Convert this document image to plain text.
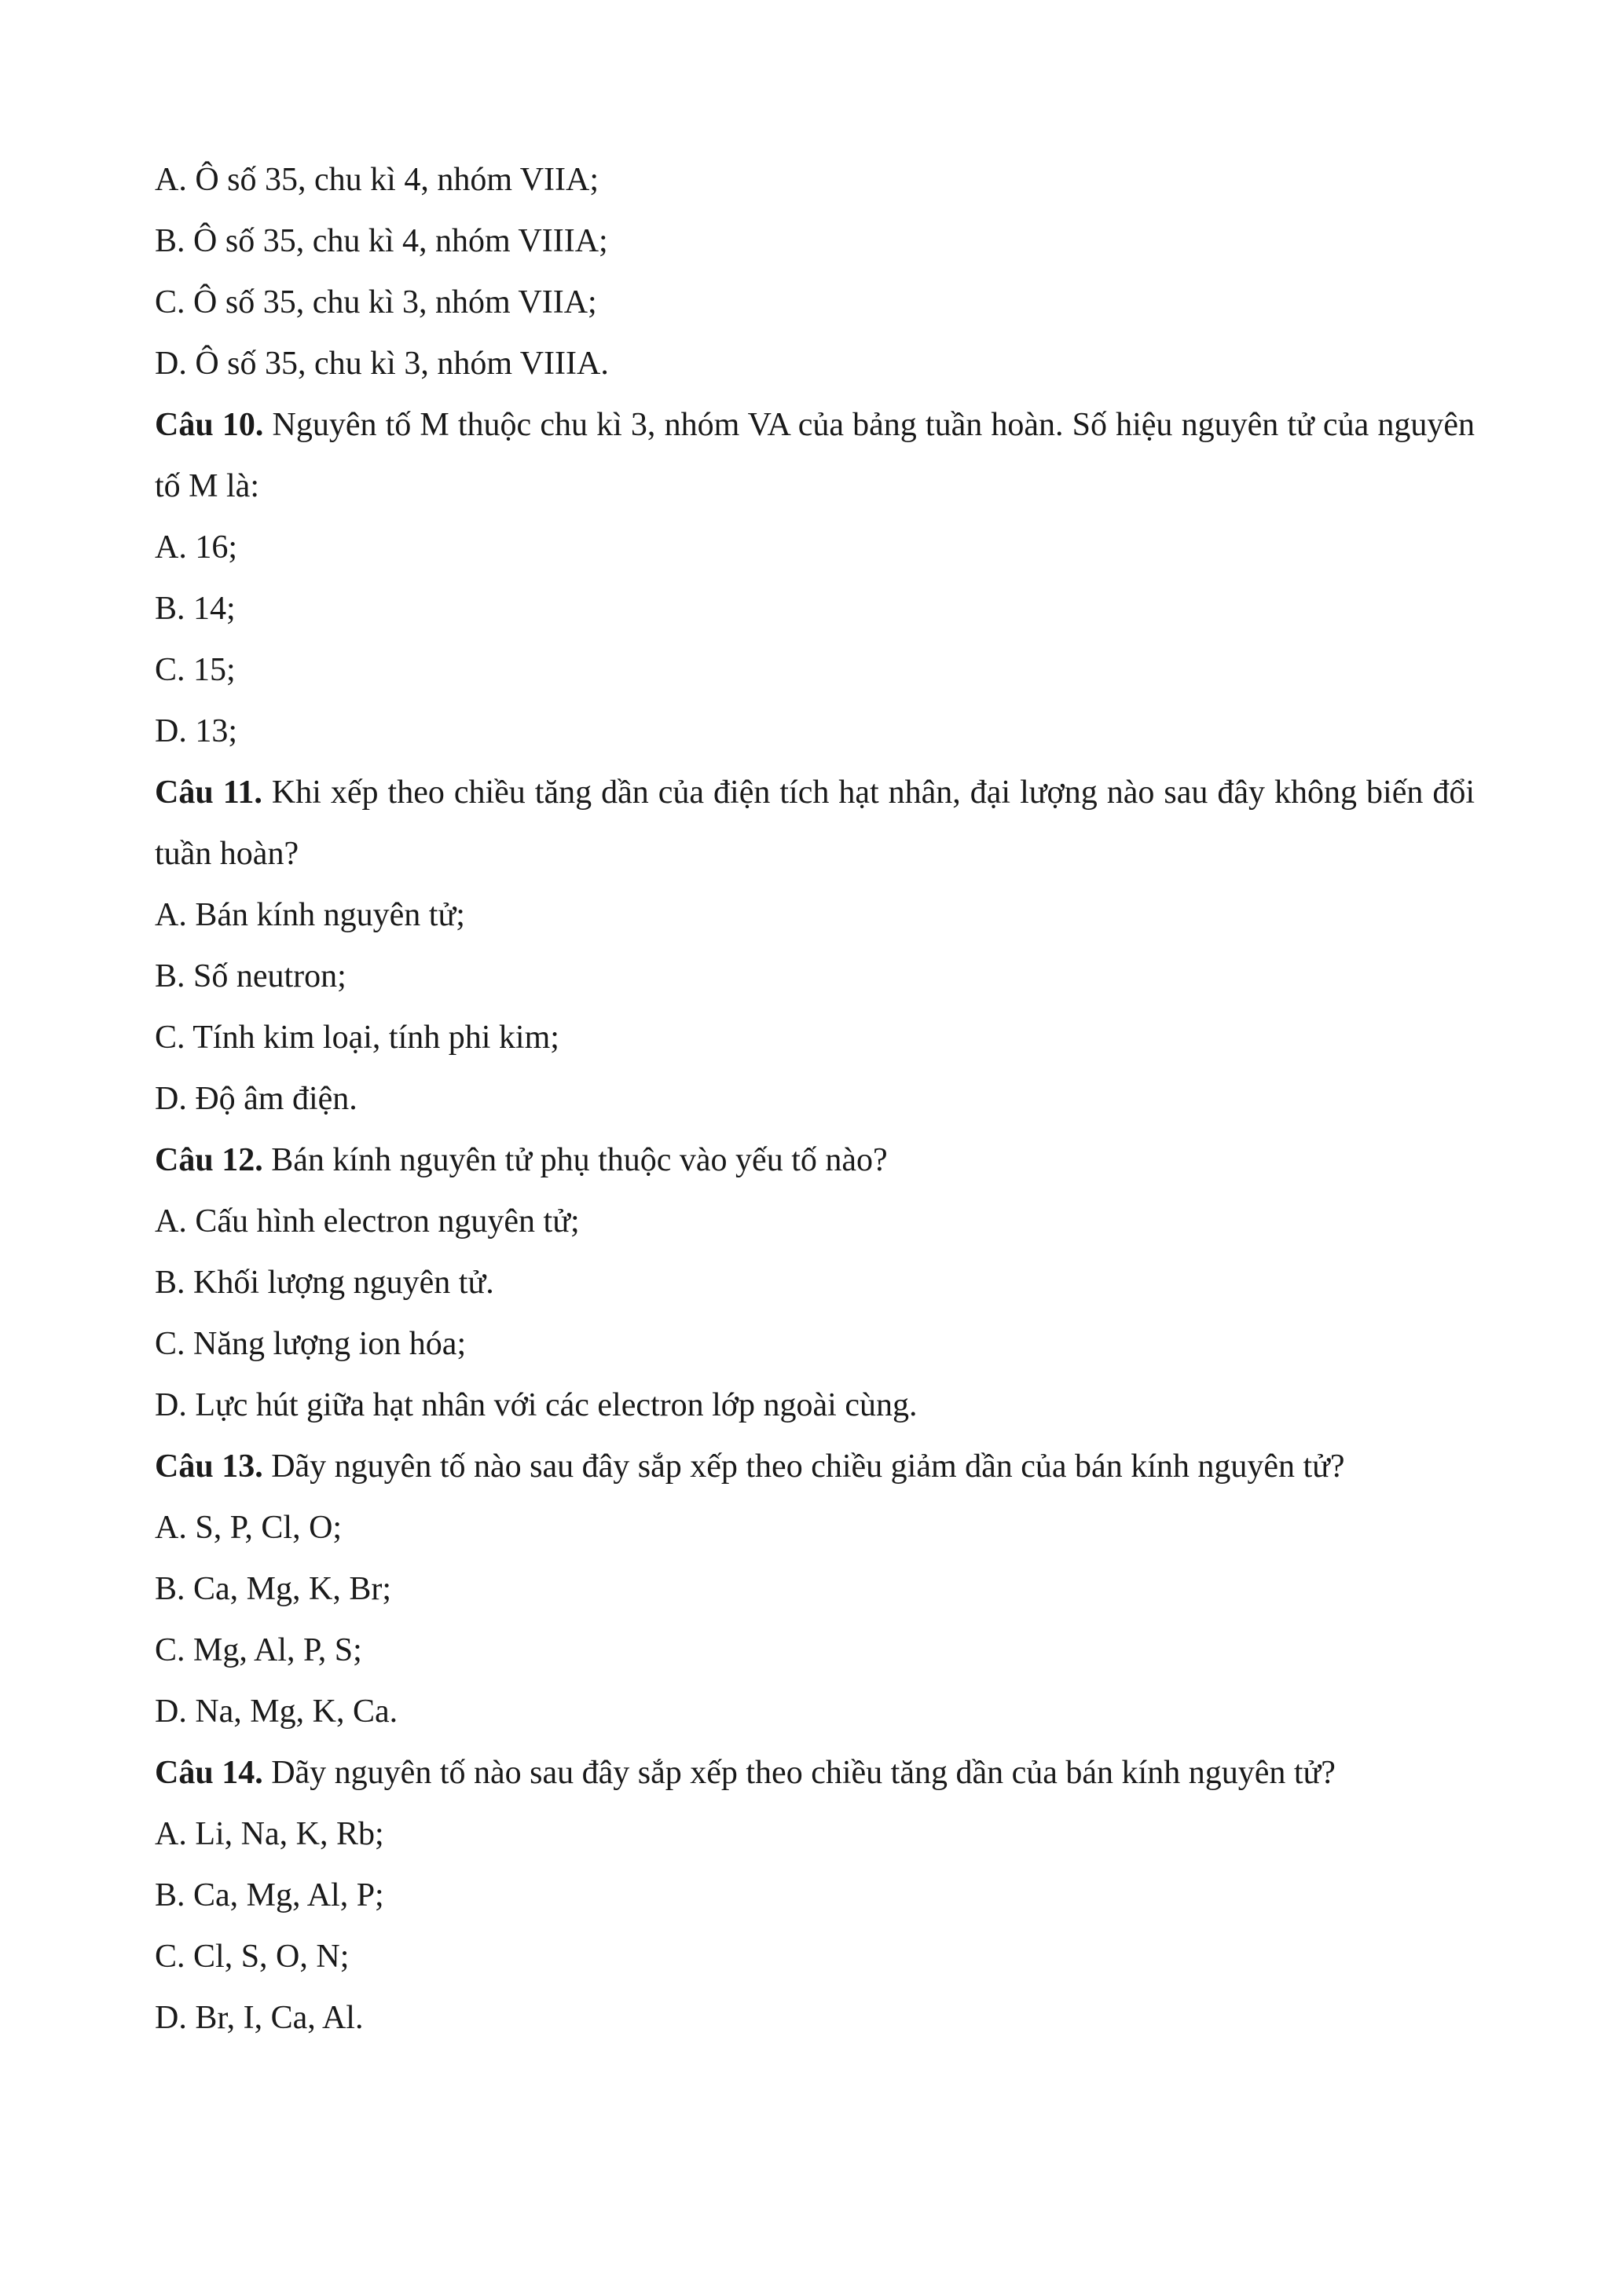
A. Ô số 35, chu kì 4, nhóm VIIA;
B. Ô số 35, chu kì 4, nhóm VIIIA;
C. Ô số 35, chu kì 3, nhóm VIIA;
D. Ô số 35, chu kì 3, nhóm VIIIA.
Câu 10. Nguyên tố M thuộc chu kì 3, nhóm VA của bảng tuần hoàn. Số hiệu nguyên tử của nguyên tố M là:
A. 16;
B. 14;
C. 15;
D. 13;
Câu 11. Khi xếp theo chiều tăng dần của điện tích hạt nhân, đại lượng nào sau đây không biến đổi tuần hoàn?
A. Bán kính nguyên tử;
B. Số neutron;
C. Tính kim loại, tính phi kim;
D. Độ âm điện.
Câu 12. Bán kính nguyên tử phụ thuộc vào yếu tố nào?
A. Cấu hình electron nguyên tử;
B. Khối lượng nguyên tử.
C. Năng lượng ion hóa;
D. Lực hút giữa hạt nhân với các electron lớp ngoài cùng.
Câu 13. Dãy nguyên tố nào sau đây sắp xếp theo chiều giảm dần của bán kính nguyên tử?
A. S, P, Cl, O;
B. Ca, Mg, K, Br;
C. Mg, Al, P, S;
D. Na, Mg, K, Ca.
Câu 14. Dãy nguyên tố nào sau đây sắp xếp theo chiều tăng dần của bán kính nguyên tử?
A. Li, Na, K, Rb;
B. Ca, Mg, Al, P;
C. Cl, S, O, N;
D. Br, I, Ca, Al.
